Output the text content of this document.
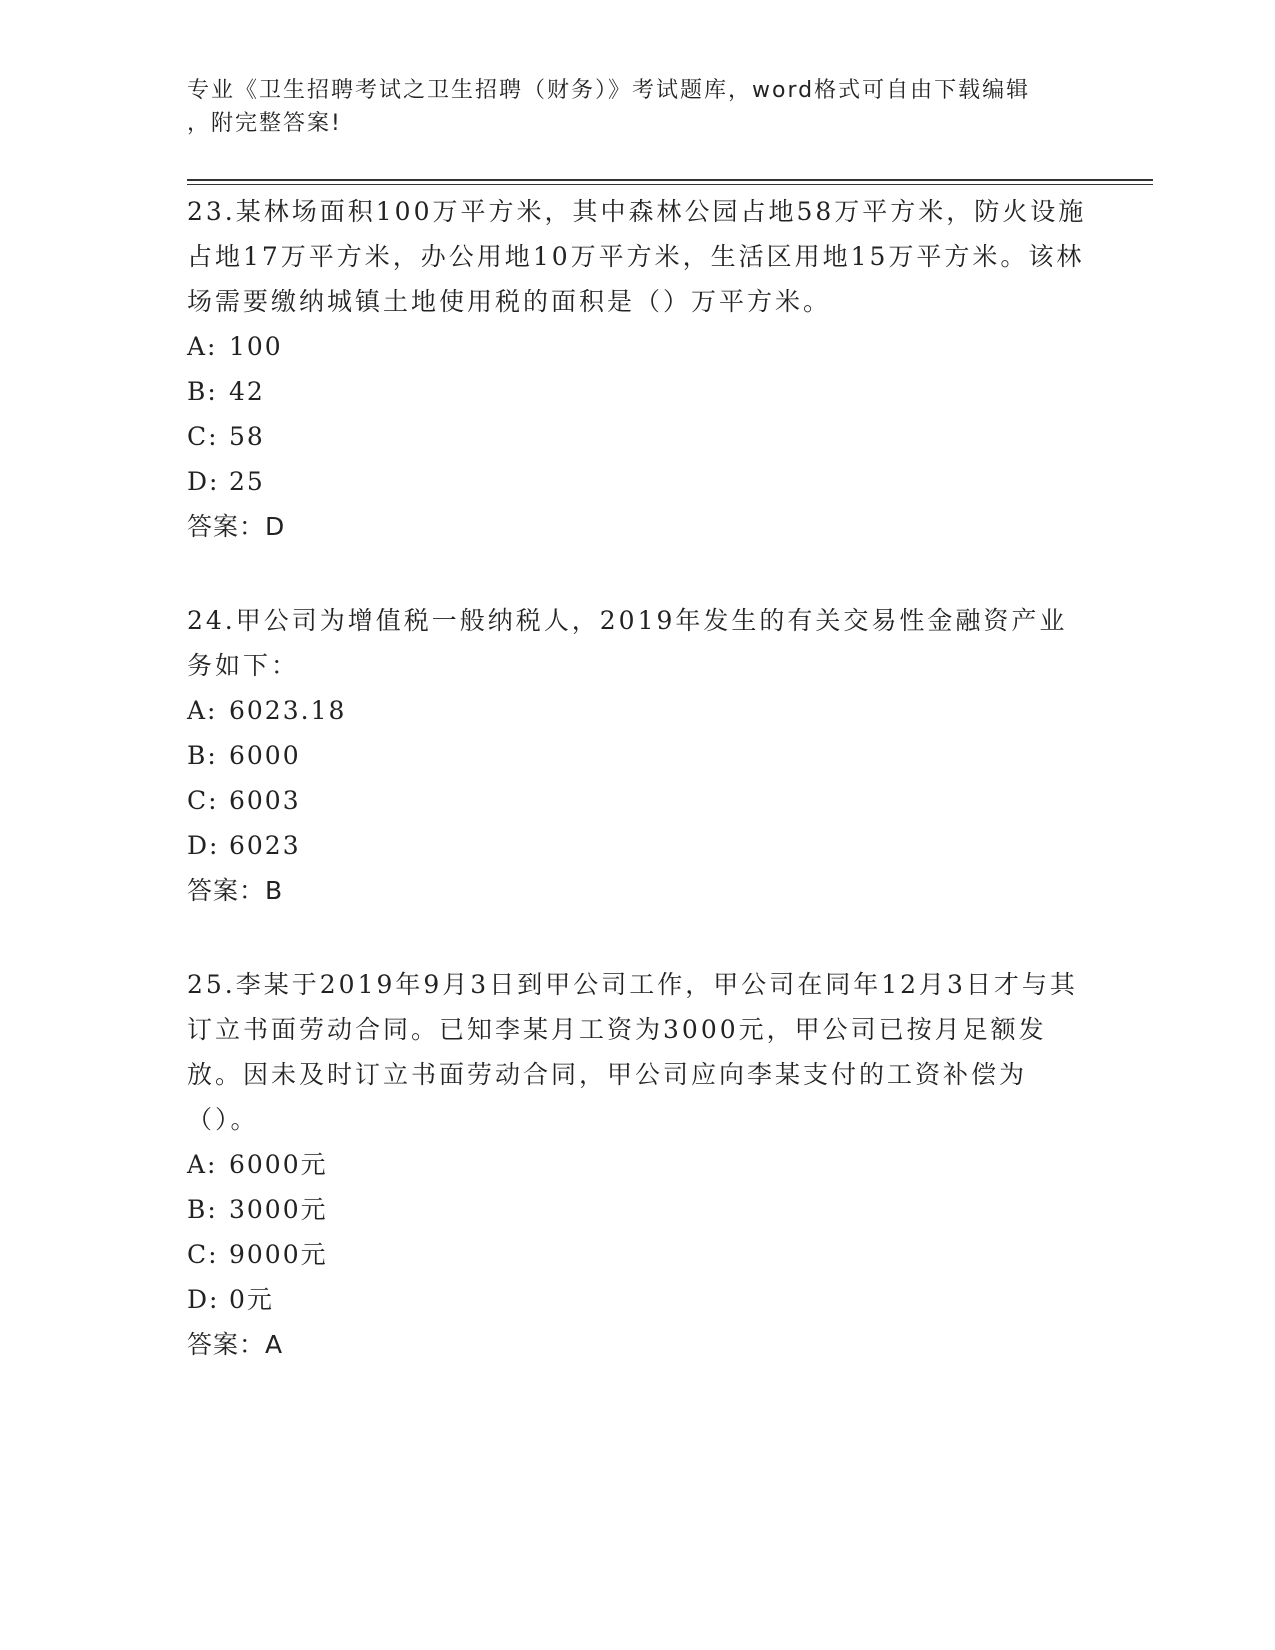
专业《卫生招聘考试之卫生招聘（财务）》考试题库，word格式可自由下载编辑
，附完整答案!

23.某林场面积100万平方米，其中森林公园占地58万平方米，防火设施占地17万平方米，办公用地10万平方米，生活区用地15万平方米。该林场需要缴纳城镇土地使用税的面积是（）万平方米。

A: 100

B: 42

C: 58

D: 25

答案：D

24.甲公司为增值税一般纳税人，2019年发生的有关交易性金融资产业务如下：

A: 6023.18

B: 6000

C: 6003

D: 6023

答案：B

25.李某于2019年9月3日到甲公司工作，甲公司在同年12月3日才与其订立书面劳动合同。已知李某月工资为3000元，甲公司已按月足额发放。因未及时订立书面劳动合同，甲公司应向李某支付的工资补偿为（）。

A: 6000元

B: 3000元

C: 9000元

D: 0元

答案：A
